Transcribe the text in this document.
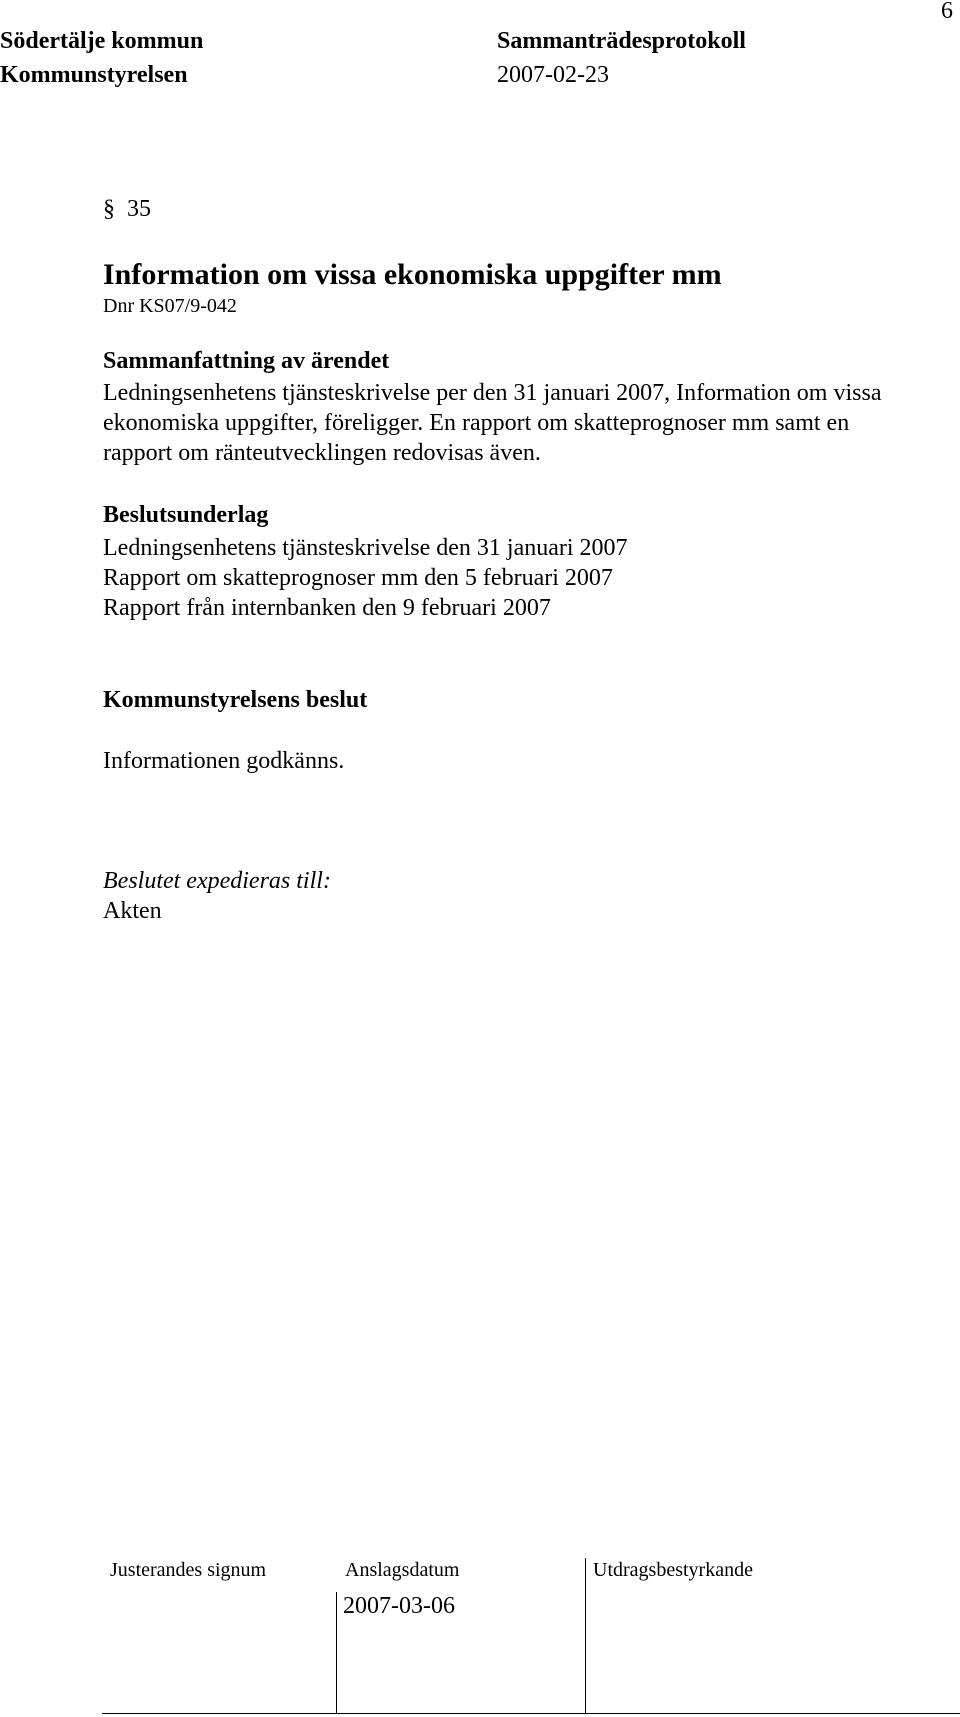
Södertälje kommun
Kommunstyrelsen
Sammanträdesprotokoll
2007-02-23
6
§ 35
Information om vissa ekonomiska uppgifter mm
Dnr KS07/9-042
Sammanfattning av ärendet
Ledningsenhetens tjänsteskrivelse per den 31 januari 2007, Information om vissa
ekonomiska uppgifter, föreligger. En rapport om skatteprognoser mm samt en
rapport om ränteutvecklingen redovisas även.
Beslutsunderlag
Ledningsenhetens tjänsteskrivelse den 31 januari 2007
Rapport om skatteprognoser mm den 5 februari 2007
Rapport från internbanken den 9 februari 2007
Kommunstyrelsens beslut
Informationen godkänns.
Beslutet expedieras till:
Akten
Justerandes signum	Anslagsdatum	Utdragsbestyrkande
2007-03-06
